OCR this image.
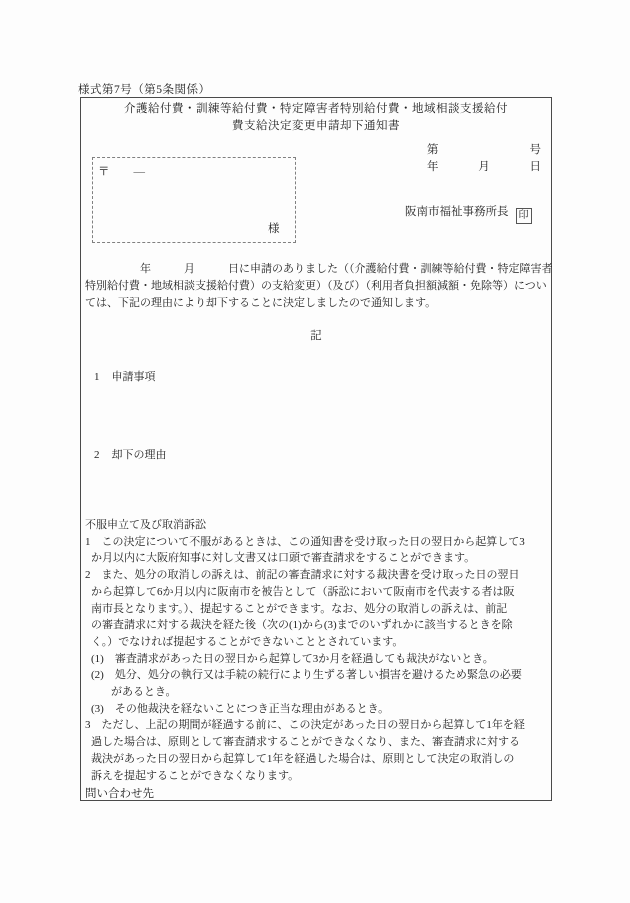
様式第7号（第5条関係）
介護給付費・訓練等給付費・特定障害者特別給付費・地域相談支援給付
費支給決定変更申請却下通知書
第	号
年	月	日
〒 ―
様
阪南市福祉事務所長 印
　　　　　年　　　月　　　日に申請のありました（（介護給付費・訓練等給付費・特定障害者
特別給付費・地域相談支援給付費）の支給変更）（及び）（利用者負担額減額・免除等）につい
ては、下記の理由により却下することに決定しましたので通知します。
記
1 申請事項
2 却下の理由
不服申立て及び取消訴訟
1　この決定について不服があるときは、この通知書を受け取った日の翌日から起算して3
か月以内に大阪府知事に対し文書又は口頭で審査請求をすることができます。
2　また、処分の取消しの訴えは、前記の審査請求に対する裁決書を受け取った日の翌日
から起算して6か月以内に阪南市を被告として（訴訟において阪南市を代表する者は阪
南市長となります。）、提起することができます。なお、処分の取消しの訴えは、前記
の審査請求に対する裁決を経た後（次の(1)から(3)までのいずれかに該当するときを除
く。）でなければ提起することができないこととされています。
(1)　審査請求があった日の翌日から起算して3か月を経過しても裁決がないとき。
(2)　処分、処分の執行又は手続の続行により生ずる著しい損害を避けるため緊急の必要
があるとき。
(3)　その他裁決を経ないことにつき正当な理由があるとき。
3　ただし、上記の期間が経過する前に、この決定があった日の翌日から起算して1年を経
過した場合は、原則として審査請求することができなくなり、また、審査請求に対する
裁決があった日の翌日から起算して1年を経過した場合は、原則として決定の取消しの
訴えを提起することができなくなります。
問い合わせ先
